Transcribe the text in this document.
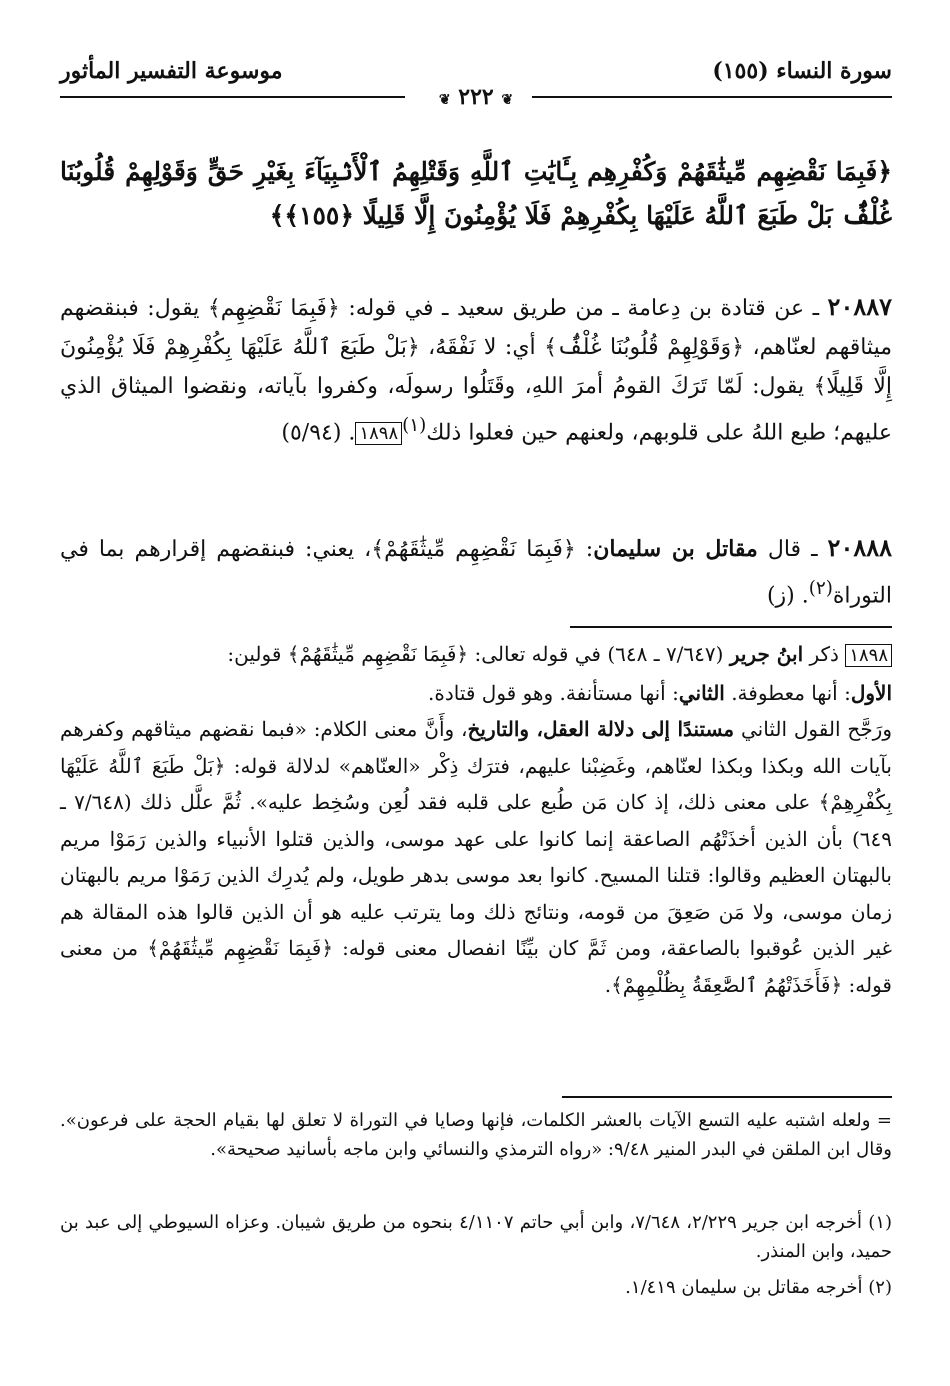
سورة النساء (١٥٥)
موسوعة التفسير المأثور
❦ ٢٢٢ ❦
﴿فَبِمَا نَقْضِهِم مِّيثَٰقَهُمْ وَكُفْرِهِم بِـَٔايَٰتِ ٱللَّهِ وَقَتْلِهِمُ ٱلْأَنۢبِيَآءَ بِغَيْرِ حَقٍّ وَقَوْلِهِمْ قُلُوبُنَا غُلْفٌۢ بَلْ طَبَعَ ٱللَّهُ عَلَيْهَا بِكُفْرِهِمْ فَلَا يُؤْمِنُونَ إِلَّا قَلِيلًا ﴿١٥٥﴾﴾
٢٠٨٨٧ ـ عن قتادة بن دِعامة ـ من طريق سعيد ـ في قوله: ﴿فَبِمَا نَقْضِهِم﴾ يقول: فبنقضهم ميثاقهم لعنّاهم، ﴿وَقَوْلِهِمْ قُلُوبُنَا غُلْفٌۢ﴾ أي: لا نَفْقَهُ، ﴿بَلْ طَبَعَ ٱللَّهُ عَلَيْهَا بِكُفْرِهِمْ فَلَا يُؤْمِنُونَ إِلَّا قَلِيلًا﴾ يقول: لَمّا تَرَكَ القومُ أمرَ اللهِ، وقَتَلُوا رسولَه، وكفروا بآياته، ونقضوا الميثاق الذي عليهم؛ طبع اللهُ على قلوبهم، ولعنهم حين فعلوا ذلك$^{(١)}$١٨٩٨. (٥/٩٤)
٢٠٨٨٨ ـ قال مقاتل بن سليمان: ﴿فَبِمَا نَقْضِهِم مِّيثَٰقَهُمْ﴾، يعني: فبنقضهم إقرارهم بما في التوراة$^{(٢)}$. (ز)
١٨٩٨ ذكر ابنُ جرير (٧/٦٤٧ ـ ٦٤٨) في قوله تعالى: ﴿فَبِمَا نَقْضِهِم مِّيثَٰقَهُمْ﴾ قولين:
الأول: أنها معطوفة. الثاني: أنها مستأنفة. وهو قول قتادة.
ورَجَّح القول الثاني مستندًا إلى دلالة العقل، والتاريخ، وأَنَّ معنى الكلام: «فبما نقضهم ميثاقهم وكفرهم بآيات الله وبكذا وبكذا لعنّاهم، وغَضِبْنا عليهم، فترَك ذِكْر «العنّاهم» لدلالة قوله: ﴿بَلْ طَبَعَ ٱللَّهُ عَلَيْهَا بِكُفْرِهِمْ﴾ على معنى ذلك، إذ كان مَن طُبع على قلبه فقد لُعِن وسُخِط عليه». ثُمَّ علَّل ذلك (٧/٦٤٨ ـ ٦٤٩) بأن الذين أخذَتْهُم الصاعقة إنما كانوا على عهد موسى، والذين قتلوا الأنبياء والذين رَمَوْا مريم بالبهتان العظيم وقالوا: قتلنا المسيح. كانوا بعد موسى بدهر طويل، ولم يُدرِك الذين رَمَوْا مريم بالبهتان زمان موسى، ولا مَن صَعِقَ من قومه، ونتائج ذلك وما يترتب عليه هو أن الذين قالوا هذه المقالة هم غير الذين عُوقبوا بالصاعقة، ومن ثَمَّ كان بيِّنًا انفصال معنى قوله: ﴿فَبِمَا نَقْضِهِم مِّيثَٰقَهُمْ﴾ من معنى قوله: ﴿فَأَخَذَتْهُمُ ٱلصَّٰعِقَةُ بِظُلْمِهِمْ﴾.
= ولعله اشتبه عليه التسع الآيات بالعشر الكلمات، فإنها وصايا في التوراة لا تعلق لها بقيام الحجة على فرعون». وقال ابن الملقن في البدر المنير ٩/٤٨: «رواه الترمذي والنسائي وابن ماجه بأسانيد صحيحة».
(١) أخرجه ابن جرير ٢/٢٢٩، ٧/٦٤٨، وابن أبي حاتم ٤/١١٠٧ بنحوه من طريق شيبان. وعزاه السيوطي إلى عبد بن حميد، وابن المنذر.
(٢) أخرجه مقاتل بن سليمان ١/٤١٩.
